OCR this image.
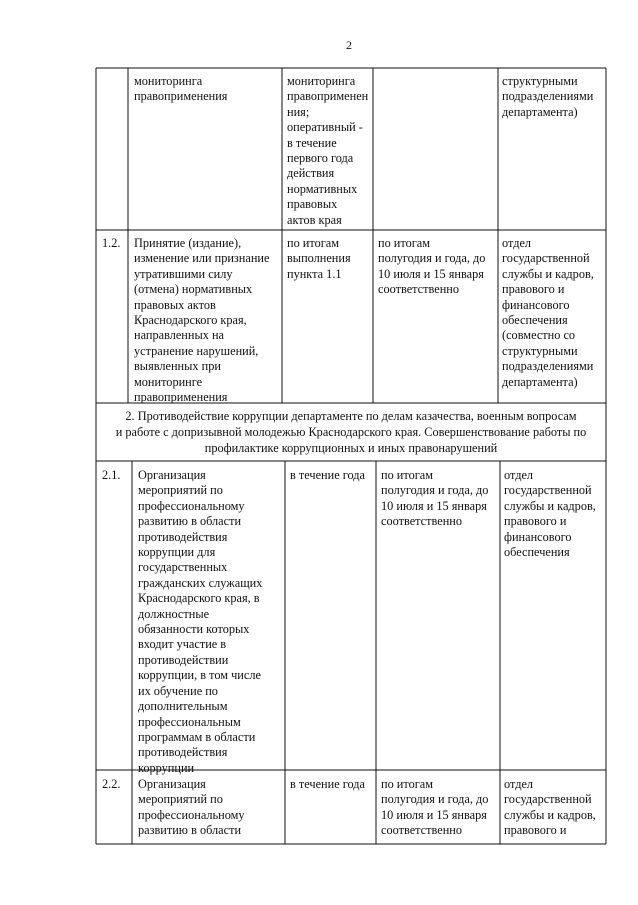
2
мониторинга
правоприменения
мониторинга
правоприменен
ния;
оперативный -
в течение
первого года
действия
нормативных
правовых
актов края
структурными
подразделениями
департамента)
1.2. Принятие (издание),
изменение или признание
утратившими силу
(отмена) нормативных
правовых актов
Краснодарского края,
направленных на
устранение нарушений,
выявленных при
мониторинге
правоприменения
по итогам
выполнения
пункта 1.1
по итогам
полугодия и года, до
10 июля и 15 января
соответственно
отдел
государственной
службы и кадров,
правового и
финансового
обеспечения
(совместно со
структурными
подразделениями
департамента)
2. Противодействие коррупции департаменте по делам казачества, военным вопросам
и работе с допризывной молодежью Краснодарского края. Совершенствование работы по
профилактике коррупционных и иных правонарушений
2.1. Организация
мероприятий по
профессиональному
развитию в области
противодействия
коррупции для
государственных
гражданских служащих
Краснодарского края, в
должностные
обязанности которых
входит участие в
противодействии
коррупции, в том числе
их обучение по
дополнительным
профессиональным
программам в области
противодействия
коррупции
в течение года по итогам
полугодия и года, до
10 июля и 15 января
соответственно
отдел
государственной
службы и кадров,
правового и
финансового
обеспечения
2.2. Организация
мероприятий по
профессиональному
развитию в области
в течение года по итогам
полугодия и года, до
10 июля и 15 января
соответственно
отдел
государственной
службы и кадров,
правового и
